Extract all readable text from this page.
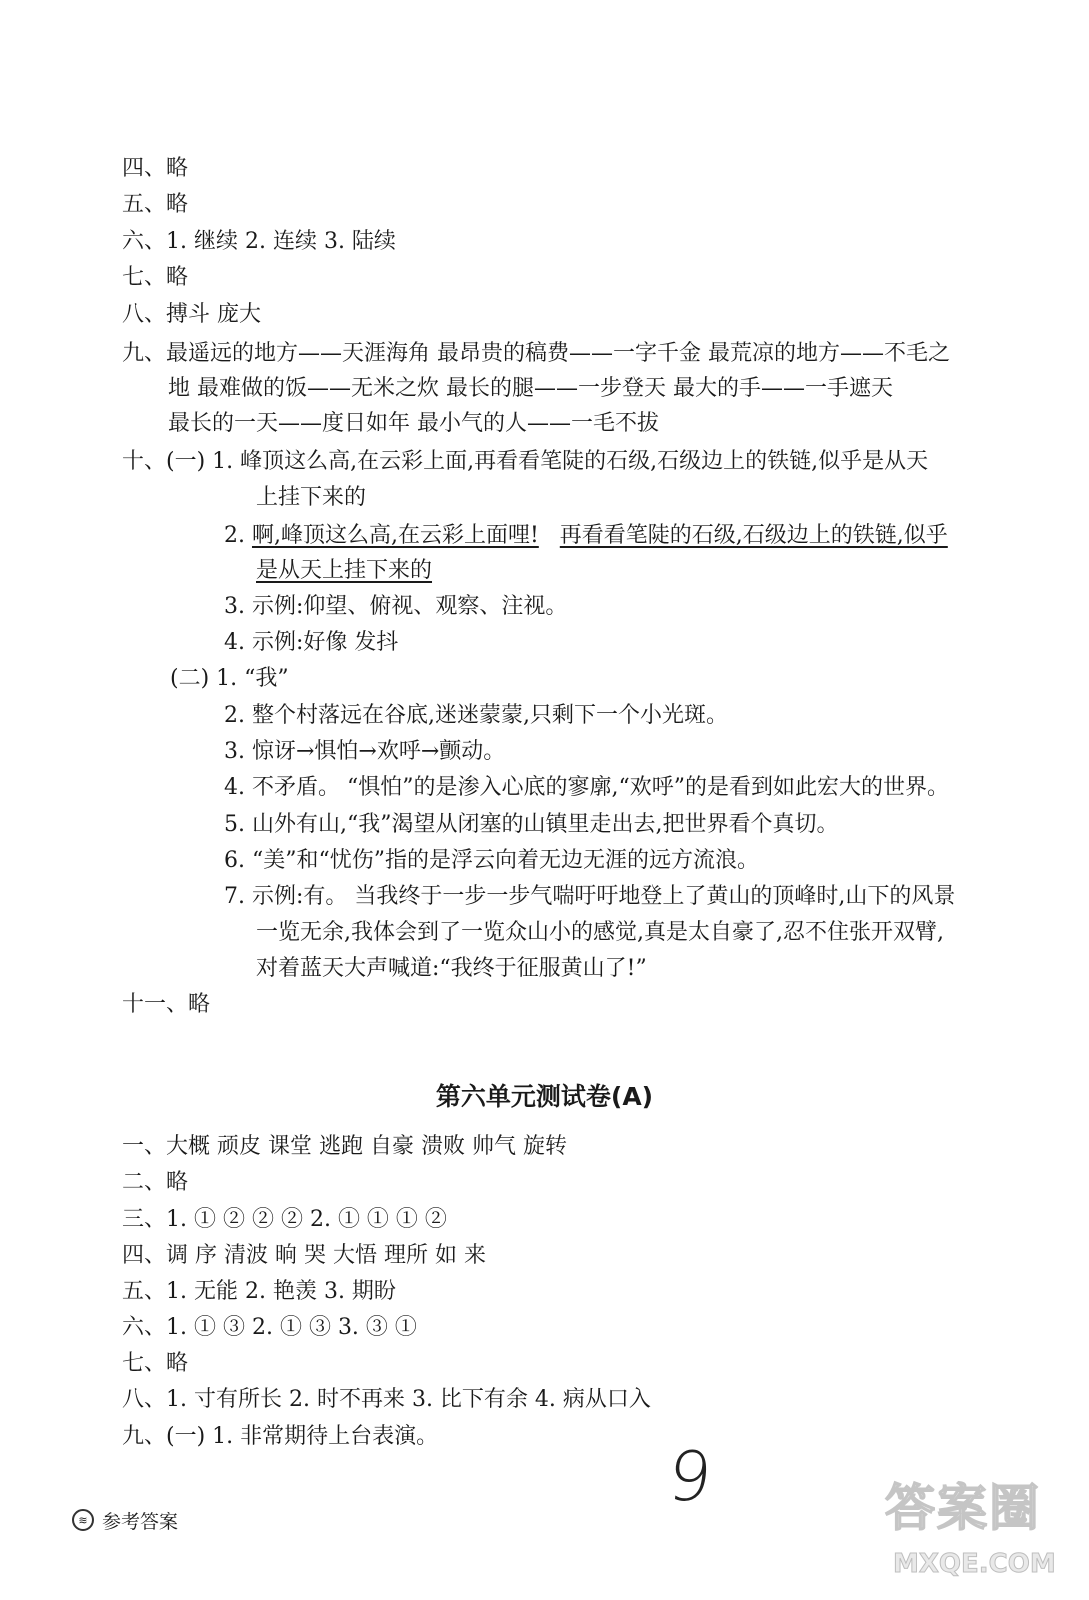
四、略
五、略
六、1. 继续 2. 连续 3. 陆续
七、略
八、搏斗 庞大
九、最遥远的地方——天涯海角 最昂贵的稿费——一字千金 最荒凉的地方——不毛之
地 最难做的饭——无米之炊 最长的腿——一步登天 最大的手——一手遮天
最长的一天——度日如年 最小气的人——一毛不拔
十、(一) 1. 峰顶这么高,在云彩上面,再看看笔陡的石级,石级边上的铁链,似乎是从天
上挂下来的
2. 啊,峰顶这么高,在云彩上面哩! 再看看笔陡的石级,石级边上的铁链,似乎
是从天上挂下来的
3. 示例:仰望、俯视、观察、注视。
4. 示例:好像 发抖
(二) 1. “我”
2. 整个村落远在谷底,迷迷蒙蒙,只剩下一个小光斑。
3. 惊讶→惧怕→欢呼→颤动。
4. 不矛盾。 “惧怕”的是渗入心底的寥廓,“欢呼”的是看到如此宏大的世界。
5. 山外有山,“我”渴望从闭塞的山镇里走出去,把世界看个真切。
6. “美”和“忧伤”指的是浮云向着无边无涯的远方流浪。
7. 示例:有。 当我终于一步一步气喘吁吁地登上了黄山的顶峰时,山下的风景
一览无余,我体会到了一览众山小的感觉,真是太自豪了,忍不住张开双臂,
对着蓝天大声喊道:“我终于征服黄山了!”
十一、略
第六单元测试卷(A)
一、大概 顽皮 课堂 逃跑 自豪 溃败 帅气 旋转
二、略
三、1. ① ② ② ② 2. ① ① ① ②
四、调 序 清波 晌 哭 大悟 理所 如 来
五、1. 无能 2. 艳羡 3. 期盼
六、1. ① ③ 2. ① ③ 3. ③ ①
七、略
八、1. 寸有所长 2. 时不再来 3. 比下有余 4. 病从口入
九、(一) 1. 非常期待上台表演。
≋ 参考答案
9	答案圈
MXQE.COM
